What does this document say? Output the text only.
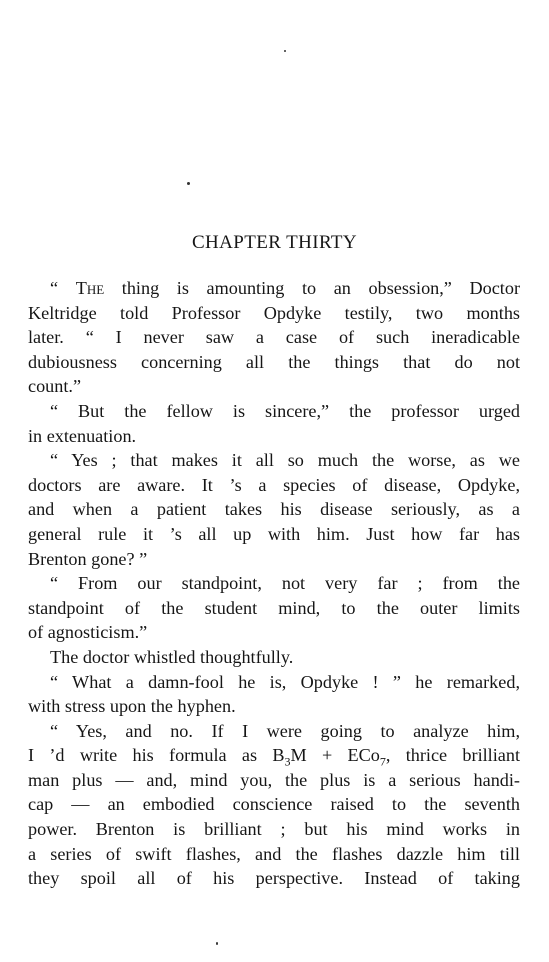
CHAPTER THIRTY
“ The thing is amounting to an obsession,” Doctor
Keltridge told Professor Opdyke testily, two months
later. “ I never saw a case of such ineradicable
dubiousness concerning all the things that do not
count.”
“ But the fellow is sincere,” the professor urged
in extenuation.
“ Yes ; that makes it all so much the worse, as we
doctors are aware. It ’s a species of disease, Opdyke,
and when a patient takes his disease seriously, as a
general rule it ’s all up with him. Just how far has
Brenton gone? ”
“ From our standpoint, not very far ; from the
standpoint of the student mind, to the outer limits
of agnosticism.”
The doctor whistled thoughtfully.
“ What a damn-fool he is, Opdyke ! ” he remarked,
with stress upon the hyphen.
“ Yes, and no. If I were going to analyze him,
I ’d write his formula as $B_3M + ECo_7$, thrice brilliant
man plus — and, mind you, the plus is a serious handi-
cap — an embodied conscience raised to the seventh
power. Brenton is brilliant ; but his mind works in
a series of swift flashes, and the flashes dazzle him till
they spoil all of his perspective. Instead of taking
